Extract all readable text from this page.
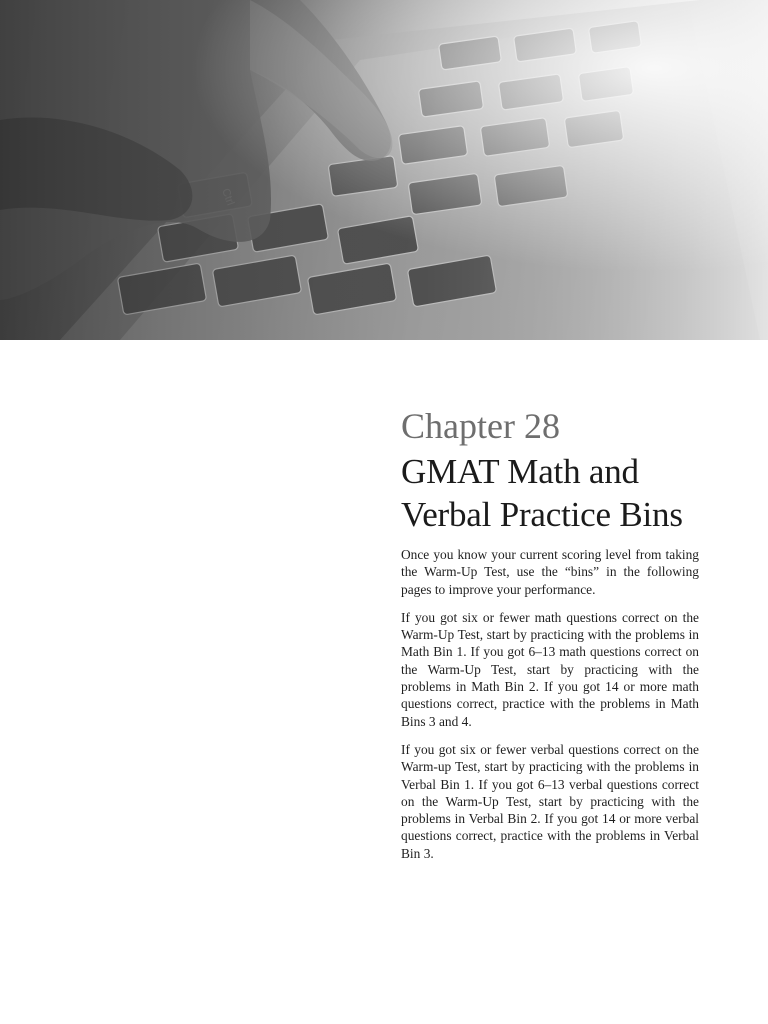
Chapter 28
GMAT Math and
Verbal Practice Bins

Once you know your current scoring level from taking the Warm-Up Test, use the “bins” in the following pages to improve your performance.

If you got six or fewer math questions correct on the Warm-Up Test, start by practicing with the problems in Math Bin 1. If you got 6–13 math questions correct on the Warm-Up Test, start by practicing with the problems in Math Bin 2. If you got 14 or more math questions correct, practice with the problems in Math Bins 3 and 4.

If you got six or fewer verbal questions correct on the Warm-up Test, start by practicing with the problems in Verbal Bin 1. If you got 6–13 verbal questions correct on the Warm-Up Test, start by practicing with the problems in Verbal Bin 2. If you got 14 or more verbal questions correct, practice with the problems in Verbal Bin 3.
